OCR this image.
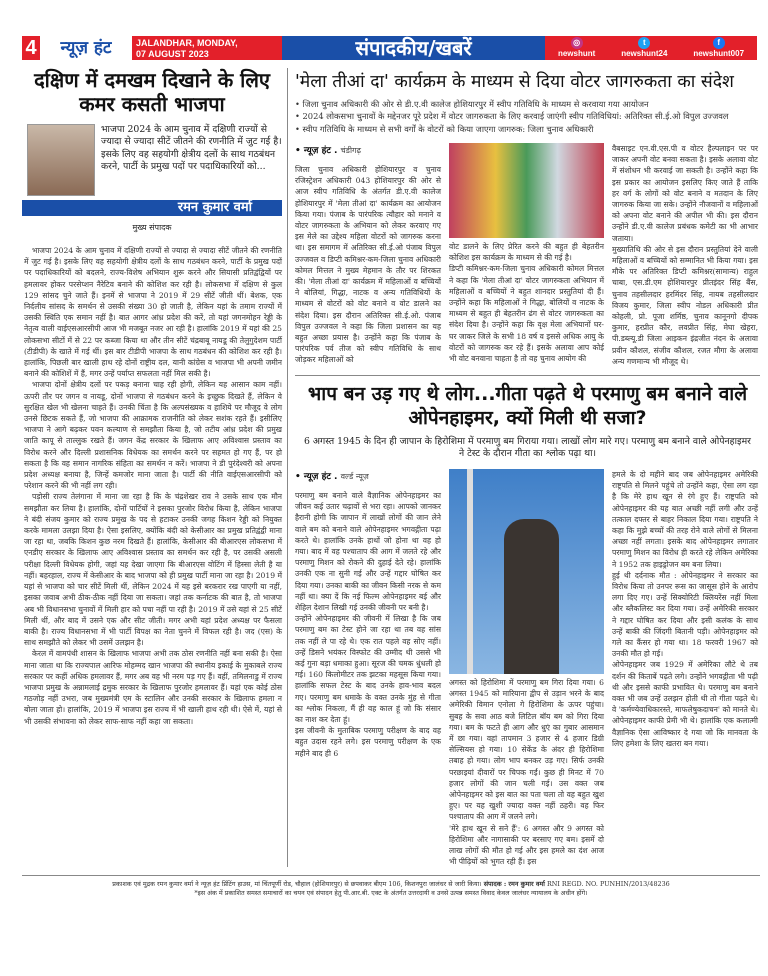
4	न्यूज़ हंट	JALANDHAR, MONDAY,
07 AUGUST 2023	संपादकीय/खबरें	◎
newshunt
t
newshunt24
f
newshunt007
दक्षिण में दमखम दिखाने के लिए कमर कसती भाजपा
भाजपा 2024 के आम चुनाव में दक्षिणी राज्यों से ज्यादा से ज्यादा सीटें जीतने की रणनीति में जुट गई है। इसके लिए वह सहयोगी क्षेत्रीय दलों के साथ गठबंधन करने, पार्टी के प्रमुख पदों पर पदाधिकारियों को...
रमन कुमार वर्मा
मुख्य संपादक

भाजपा 2024 के आम चुनाव में दक्षिणी राज्यों से ज्यादा से ज्यादा सीटें जीतने की रणनीति में जुट गई है। इसके लिए वह सहयोगी क्षेत्रीय दलों के साथ गठबंधन करने, पार्टी के प्रमुख पदों पर पदाधिकारियों को बदलने, राज्य-विशेष अभियान शुरू करने और सियासी प्रतिद्वंद्वियों पर हमलावर होकर परसेप्शन नैरेटिव बनाने की कोशिश कर रही है। लोकसभा में दक्षिण से कुल 129 सांसद चुने जाते हैं। इनमें से भाजपा ने 2019 में 29 सीटें जीती थीं। बेशक, एक निर्दलीय सांसद के समर्थन से उसकी संख्या 30 हो जाती है, लेकिन यहां के तमाम राज्यों में उसकी स्थिति एक समान नहीं है। बात आगर आंध्र प्रदेश की करें, तो यहां जगनमोहन रेड्डी के नेतृत्व वाली वाईएसआरसीपी आज भी मजबूत नजर आ रही है। हालांकि 2019 में यहां की 25 लोकसभा सीटों में से 22 पर कब्जा किया था और तीन सीटें चंद्रबाबू नायडू की तेलुगुदेशम पार्टी (टीडीपी) के खाते में गई थीं। इस बार टीडीपी भाजपा के साथ गठबंधन की कोशिश कर रही है। हालांकि, पिछली बार खाली हाथ रहे दोनों राष्ट्रीय दल, यानी कांग्रेस व भाजपा भी अपनी जमीन बनाने की कोशिशें में हैं, मगर उन्हें पर्याप्त सफलता नहीं मिल सकी है।

भाजपा दोनों क्षेत्रीय दलों पर पकड़ बनाना चाह रही होगी, लेकिन यह आसान काम नहीं। ऊपरी तौर पर जगन व नायडू, दोनों भाजपा से गठबंधन करने के इच्छुक दिखते हैं, लेकिन वे सुरक्षित खेल भी खेलना चाहते हैं। उनकी चिंता है कि अल्पसंख्यक व हाशिये पर मौजूद वे लोग उनसे छिटक सकते हैं, जो भाजपा की आक्रामक राजनीति को लेकर सशंक रहते हैं। इसीलिए भाजपा ने आगे बढ़कर पवन कल्याण से समझौता किया है, जो तटीय आंध्र प्रदेश की प्रमुख जाति कापू से ताल्लुक रखते हैं। जगन केंद्र सरकार के खिलाफ आए अविश्वास प्रस्ताव का विरोध करने और दिल्ली प्रशासनिक विधेयक का समर्थन करने पर सहमत हो गए हैं, पर हो सकता है कि वह समान नागरिक संहिता का समर्थन न करें। भाजपा ने डी पुरंदेश्वरी को अपना प्रदेश अध्यक्ष बनाया है, जिन्हें कमजोर माना जाता है। पार्टी की नीति वाईएसआरसीपी को परेशान करने की भी नहीं लग रही।

पड़ोसी राज्य तेलंगाना में माना जा रहा है कि के चंद्रशेखर राव ने उसके साथ एक मौन समझौता कर लिया है। हालांकि, दोनों पार्टियों ने इसका पुरजोर विरोध किया है, लेकिन भाजपा ने बंदी संजय कुमार को राज्य प्रमुख के पद से हटाकर उनकी जगह किशन रेड्डी को नियुक्त करके मामला उलझा दिया है। ऐसा इसलिए, क्योंकि बंदी को केसीआर का प्रमुख प्रतिद्वंद्वी माना जा रहा था, जबकि किशन कुछ नरम दिखते हैं। हालांकि, केसीआर की बीआरएस लोकसभा में एनडीए सरकार के खिलाफ आए अविश्वास प्रस्ताव का समर्थन कर रही है, पर उसकी असली परीक्षा दिल्ली विधेयक होगी, जहां यह देखा जाएगा कि बीआरएस वोटिंग में हिस्सा लेती है या नहीं। बहरहाल, राज्य में केसीआर के बाद भाजपा को ही प्रमुख पार्टी माना जा रहा है। 2019 में यहां से भाजपा को चार सीटें मिली थीं, लेकिन 2024 में यह इसे बरकरार रख पाएगी या नहीं, इसका जवाब अभी ठीक-ठीक नहीं दिया जा सकता। जहां तक कर्नाटक की बात है, तो भाजपा अब भी विधानसभा चुनावों में मिली हार को पचा नहीं पा रही है। 2019 में उसे यहां से 25 सीटें मिली थीं, और बाद में उसने एक और सीट जीती। मगर अभी यहां प्रदेश अध्यक्ष पर फैसला बाकी है। राज्य विधानसभा में भी पार्टी विपक्ष का नेता चुनने में विफल रही है। जद (एस) के साथ समझौते को लेकर भी उसमें उलझन है।

केरल में वामपंथी शासन के खिलाफ भाजपा अभी तक ठोस रणनीति नहीं बना सकी है। ऐसा माना जाता था कि राज्यपाल आरिफ मोहम्मद खान भाजपा की स्थानीय इकाई के मुकाबले राज्य सरकार पर कहीं अधिक हमलावर हैं, मगर अब वह भी नरम पड़ गए हैं। वहीं, तमिलनाडु में राज्य भाजपा प्रमुख के अन्नामलाई द्रमुक सरकार के खिलाफ पुरजोर हमलावर हैं। यहां एक कोई ठोस गठजोड़ नहीं उभरा, जब मुख्यमंत्री एम के स्टालिन और उनकी सरकार के खिलाफ हमला न बोला जाता हो। हालांकि, 2019 में भाजपा इस राज्य में भी खाली हाथ रही थी। ऐसे में, यहां से भी उसकी संभावना को लेकर साफ-साफ नहीं कहा जा सकता।

'मेला तीआं दा' कार्यक्रम के माध्यम से दिया वोटर जागरुकता का संदेश
• जिला चुनाव अधिकारी की ओर से डी.ए.वी कालेज होशियारपुर में स्वीप गतिविधि के माध्यम से करवाया गया आयोजन
• 2024 लोकसभा चुनावों के मद्देनजर पूरे प्रदेश में वोटर जागरुकता के लिए करवाई जाएंगी स्वीप गतिविधियां: अतिरिक्त सी.ई.ओ विपुल उज्जवल
• स्वीप गतिविधि के माध्यम से सभी वर्गों के वोटरों को किया जाएगा जागरुक: जिला चुनाव अधिकारी
• न्यूज़ हंट . चंडीगढ़
जिला चुनाव अधिकारी होशियारपुर व चुनाव रजिस्ट्रेशन अधिकारी 043 होशियारपुर की ओर से आज स्वीप गतिविधि के अंतर्गत डी.ए.वी कालेज होशियारपुर में 'मेला तीआं दा' कार्यक्रम का आयोजन किया गया। पंजाब के पारंपरिक त्यौहार को मनाने व वोटर जागरुकता के अभियान को लेकर करवाए गए इस मेले का उद्देश्य महिला वोटरों को जागरुक करना था। इस समागम में अतिरिक्त सी.ई.ओ पंजाब विपुल उज्जवल व डिप्टी कमिश्नर-कम-जिला चुनाव अधिकारी कोमल मित्तल ने मुख्य मेहमान के तौर पर शिरकत की। 'मेला तीआं दा' कार्यक्रम में महिलाओं व बच्चियों ने बोलियां, गिद्धा, नाटक व अन्य गतिविधियों के माध्यम से वोटरों को वोट बनाने व वोट डालने का संदेश दिया। इस दौरान अतिरिक्त सी.ई.ओ. पंजाब विपुल उज्जवल ने कहा कि जिला प्रशासन का यह बहुत अच्छा प्रयास है। उन्होंने कहा कि पंजाब के पारंपरिक पर्व तीज को स्वीप गतिविधि के साथ जोड़कर महिलाओं को
वोट डालने के लिए प्रेरित करने की बहुत ही बेहतरीन कोशिश इस कार्यक्रम के माध्यम से की गई है।
डिप्टी कमिश्नर-कम-जिला चुनाव अधिकारी कोमल मित्तल ने कहा कि 'मेला तीआं दा' वोटर जागरुकता अभियान में महिलाओं व बच्चियों ने बहुत शानदार प्रस्तुतियां दी हैं। उन्होंने कहा कि महिलाओं ने गिद्धा, बोलियों व नाटक के माध्यम से बहुत ही बेहतरीन ढंग से वोटर जागरुकता का संदेश दिया है। उन्होंने कहा कि वृक्ष मेला अभियानों घर-घर जाकर जिले के सभी 18 वर्ष व इससे अधिक आयु के वोटरों को जागरुक कर रहे हैं। इसके अलावा आप कोई भी वोट बनवाना चाहता है तो वह चुनाव आयोग की
वैबसाइट एन.वी.एस.पी व वोटर हैल्पलाइन पर पर जाकर अपनी वोट बनवा सकता है। इसके अलावा वोट में संशोधन भी करवाई जा सकती है। उन्होंने कहा कि इस प्रकार का आयोजन इसलिए किए जाते हैं ताकि हर वर्ग के लोगों को वोट बनाने व मतदान के लिए जागरुक किया जा सके। उन्होंने नौजवानों व महिलाओं को अपना वोट बनाने की अपील भी की। इस दौरान उन्होंने डी.ए.वी कालेज प्रबंधक कमेटी का भी आभार जताया।
मुख्यातिथि की ओर से इस दौरान प्रस्तुतियां देने वाली महिलाओं व बच्चियों को सम्मानित भी किया गया। इस मौके पर अतिरिक्त डिप्टी कमिश्नर(सामान्य) राहुल चाबा, एस.डी.एम होशियारपुर प्रीतइंदर सिंह बैंस, चुनाव तहसीलदार हरमिंदर सिंह, नायब तहसीलदार विजय कुमार, जिला स्वीप नोडल अधिकारी प्रीत कोहली, प्रो. पूजा शर्मिष्ठ, चुनाव कानूनगो दीपक कुमार, हरप्रीत कौर, लवप्रीत सिंह, मेघा खेहरा, पी.डब्ल्यू.डी जिला आइकन इंद्रजीत नंदन के अलावा प्रवीन कौशल, संजीव कौशल, रजत मौगा के अलावा अन्य गणमान्य भी मौजूद थे।
भाप बन उड़ गए थे लोग...गीता पढ़ते थे परमाणु बम बनाने वाले ओपेनहाइमर, क्यों मिली थी सजा?
6 अगस्त 1945 के दिन ही जापान के हिरोशिमा में परमाणु बम गिराया गया। लाखों लोग मारे गए। परमाणु बम बनाने वाले ओपेनहाइमर ने टेस्ट के दौरान गीता का श्लोक पढ़ा था।
• न्यूज़ हंट . वर्ल्ड न्यूज़
परमाणु बम बनाने वाले वैज्ञानिक ओपेनहाइमर का जीवन कई उतार चढ़ावों से भरा रहा। आपको जानकर हैरानी होगी कि जापान में लाखों लोगों की जान लेने वाले बम को बनाने वाले ओपेनहाइमर भगवद्गीता पढ़ा करते थे। हालांकि उनके हाथों जो होना था वह हो गया। बाद में वह पश्चाताप की आग में जलते रहे और परमाणु मिशन को रोकने की दुहाई देते रहे। हालांकि उनकी एक ना सुनी गई और उन्हें गद्दार घोषित कर दिया गया। उनका बाकी का जीवन किसी नरक से कम नहीं था। क्या दें कि नई फिल्म ओपेनहाइमर बई और शेहिल देशान लिखी गई उनकी जीवनी पर बनी है।
उन्होंने ओपेनहाइमर की जीवनी में लिखा है कि जब परमाणु बम का टेस्ट होने जा रहा था तब वह सांस तक नहीं ले पा रहे थे। एक रात पहले वह सोए नहीं। उन्हें डिसने भयंकर विस्फोट की उम्मीद थी उससे भी कई गुना बड़ा धमाका हुआ। सूरज की चमक धुंधली हो गई। 160 किलोमीटर तक झटका महसूस किया गया। हालांकि सफल टेस्ट के बाद उनके हाव-भाव बदल गए। परमाणु बम धमाके के वक्त उनके मुंह से गीता का श्लोक निकला, मैं ही वह काल हूं जो कि संसार का नाश कर देता हूं।
इस जीवनी के मुताबिक परमाणु परीक्षण के बाद वह बहुत उदास रहने लगे। इस परमाणु परीक्षण के एक महीने बाद ही 6
अगस्त को हिरोशिमा में परमाणु बम गिरा दिया गया। 6 अगस्त 1945 को मारियाना द्वीप से उड़ान भरने के बाद अमेरिकी विमान एनोला गे हिरोशिमा के ऊपर पहुंचा। सुबह के सवा आठ बजे लिटिल बॉय बम को गिरा दिया गया। बम के फटते ही आग और धुएं का गुबार आसमान में छा गया। वहां तापमान 3 हजार से 4 हजार डिग्री सेल्सियस हो गया। 10 सेकेंड के अंदर ही हिरोशिमा तबाह हो गया। लोग भाप बनकर उड़ गए। सिर्फ उनकी परछाइयां दीवारों पर चिपक गईं। कुछ ही मिनट में 70 हजार लोगों की जान चली गई। उस वक्त जब ओपेनहाइमर को इस बात का पता चला तो वह बहुत खुश हुए। पर यह खुशी ज्यादा वक्त नहीं ठहरी। वह फिर पश्चाताप की आग में जलने लगे।
'मेरे हाथ खून से सने हैं': 6 अगस्त और 9 अगस्त को हिरोशिमा और नागासाकी पर बरसाए गए बम। इसमें दो लाख लोगों की मौत हो गई और इस हमले का दंश आज भी पीढ़ियों को भुगत रही हैं। इस
हमले के दो महीने बाद जब ओपेनहाइमर अमेरिकी राष्ट्रपति से मिलने पहुंचे तो उन्होंने कहा, ऐसा लग रहा है कि मेरे हाथ खून से रंगे हुए हैं। राष्ट्रपति को ओपेनहाइमर की यह बात अच्छी नहीं लगी और उन्हें तत्काल दफ्तर से बाहर निकाल दिया गया। राष्ट्रपति ने कहा कि मुझे बच्चों की तरह रोने वाले लोगों से मिलना अच्छा नहीं लगता। इसके बाद ओपेनहाइमर लगातार परमाणु मिशन का विरोध ही करते रहे लेकिन अमेरिका ने 1952 तक हाइड्रोजन बम बना लिया।
हुई थी दर्दनाक मौत : ओपेनहाइमर ने सरकार का विरोध किया तो उनपर रूस का जासूस होने के आरोप लगा दिए गए। उन्हें सिक्योरिटी क्लियरेंस नहीं मिला और ब्लैकलिस्ट कर दिया गया। उन्हें अमेरिकी सरकार ने गद्दार घोषित कर दिया और इसी कलंक के साथ उन्हें बाकी की जिंदगी बितानी पड़ी। ओपेनहाइमर को गले का कैंसर हो गया था। 18 फरवरी 1967 को उनकी मौत हो गई।
ओपेनहाइमर जब 1929 में अमेरिका लौटे थे तब दर्शन की किताबें पढ़ते लगे। उन्होंने भगवद्गीता भी पढ़ी थी और इससे काफी प्रभावित थे। परमाणु बम बनाने वक्त भी जब उन्हें उलझन होती थी तो गीता पढ़ते थे। वे 'कर्मण्येवाधिकारस्ते, माफलेषुकदाचन' को मानते थे। ओपेनहाइमर काफी प्रेमी भी थे। हालांकि एक कलात्मी वैज्ञानिक ऐसा आविष्कार दे गया जो कि मानवता के लिए हमेशा के लिए खतरा बन गया।
प्रकाशक एवं मुद्रक रमन कुमार वर्मा ने न्यूज़ हंट प्रिंटिंग हाउस, मां चिंतपूर्णी रोड, चौहाल (होशियारपुर) से छपवाकर बीएम 106, किशनपुरा जालंधर से जारी किया। संपादक : रमन कुमार वर्मा RNI REGD. NO. PUNHIN/2013/48236
*इस अंक में प्रकाशित समस्त समाचारों का चयन एवं संपादन हेतु पी.आर.बी. एक्ट के अंतर्गत उत्तरदायी व उनसे उत्पन्न समस्त विवाद केवल जालंधर न्यायालय के अधीन होंगे।
